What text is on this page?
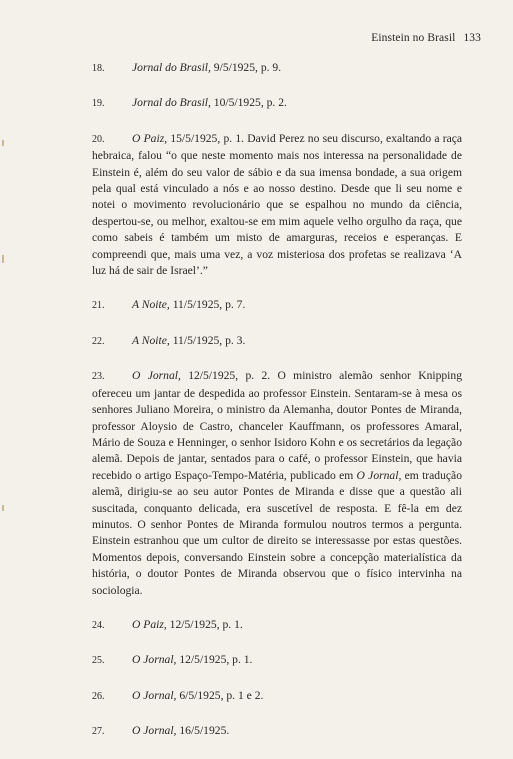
Einstein no Brasil 133

18. Jornal do Brasil, 9/5/1925, p. 9.

19. Jornal do Brasil, 10/5/1925, p. 2.

20. O Paiz, 15/5/1925, p. 1. David Perez no seu discurso, exaltando a raça hebraica, falou “o que neste momento mais nos interessa na personalidade de Einstein é, além do seu valor de sábio e da sua imensa bondade, a sua origem pela qual está vinculado a nós e ao nosso destino. Desde que li seu nome e notei o movimento revolucionário que se espalhou no mundo da ciência, despertou-se, ou melhor, exaltou-se em mim aquele velho orgulho da raça, que como sabeis é também um misto de amarguras, receios e esperanças. E compreendi que, mais uma vez, a voz misteriosa dos profetas se realizava ‘A luz há de sair de Israel’.”

21. A Noite, 11/5/1925, p. 7.

22. A Noite, 11/5/1925, p. 3.

23. O Jornal, 12/5/1925, p. 2. O ministro alemão senhor Knipping ofereceu um jantar de despedida ao professor Einstein. Sentaram-se à mesa os senhores Juliano Moreira, o ministro da Alemanha, doutor Pontes de Miranda, professor Aloysio de Castro, chanceler Kauffmann, os professores Amaral, Mário de Souza e Henninger, o senhor Isidoro Kohn e os secretários da legação alemã. Depois de jantar, sentados para o café, o professor Einstein, que havia recebido o artigo Espaço-Tempo-Matéria, publicado em O Jornal, em tradução alemã, dirigiu-se ao seu autor Pontes de Miranda e disse que a questão ali suscitada, conquanto delicada, era suscetível de resposta. E fê-la em dez minutos. O senhor Pontes de Miranda formulou noutros termos a pergunta. Einstein estranhou que um cultor de direito se interessasse por estas questões. Momentos depois, conversando Einstein sobre a concepção materialística da história, o doutor Pontes de Miranda observou que o físico intervinha na sociologia.

24. O Paiz, 12/5/1925, p. 1.

25. O Jornal, 12/5/1925, p. 1.

26. O Jornal, 6/5/1925, p. 1 e 2.

27. O Jornal, 16/5/1925.
